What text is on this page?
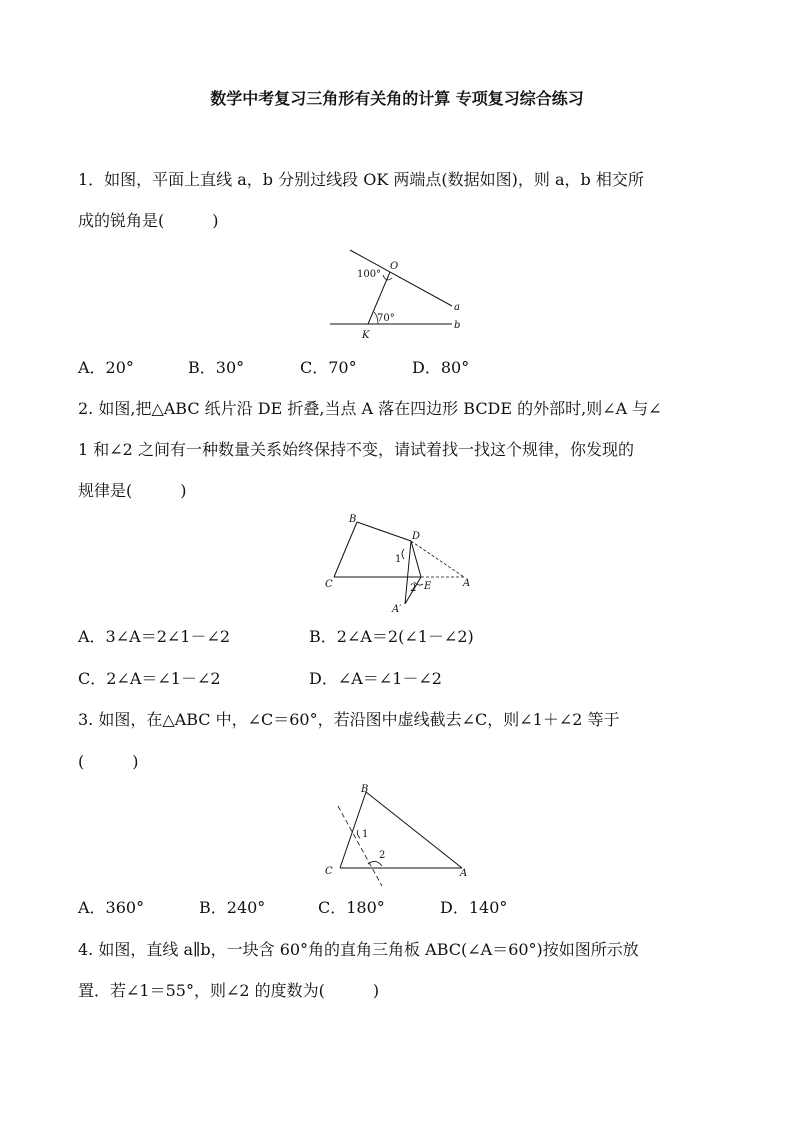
数学中考复习三角形有关角的计算 专项复习综合练习
1．如图，平面上直线 a，b 分别过线段 OK 两端点(数据如图)，则 a，b 相交所
成的锐角是(　　　)
O
a
b
K
100°
70°
A．20°	B．30°	C．70°	D．80°
2. 如图,把△ABC 纸片沿 DE 折叠,当点 A 落在四边形 BCDE 的外部时,则∠A 与∠
1 和∠2 之间有一种数量关系始终保持不变，请试着找一找这个规律，你发现的
规律是(　　　)
B
D
C	E	A
A′
1
2
A．3∠A＝2∠1－∠2	B．2∠A＝2(∠1－∠2)
C．2∠A＝∠1－∠2	D．∠A＝∠1－∠2
3. 如图，在△ABC 中，∠C＝60°，若沿图中虚线截去∠C，则∠1＋∠2 等于
(　　　)
B
C	A
1
2
A．360°	B．240°	C．180°	D．140°
4. 如图，直线 a∥b，一块含 60°角的直角三角板 ABC(∠A＝60°)按如图所示放
置．若∠1＝55°，则∠2 的度数为(　　　)
